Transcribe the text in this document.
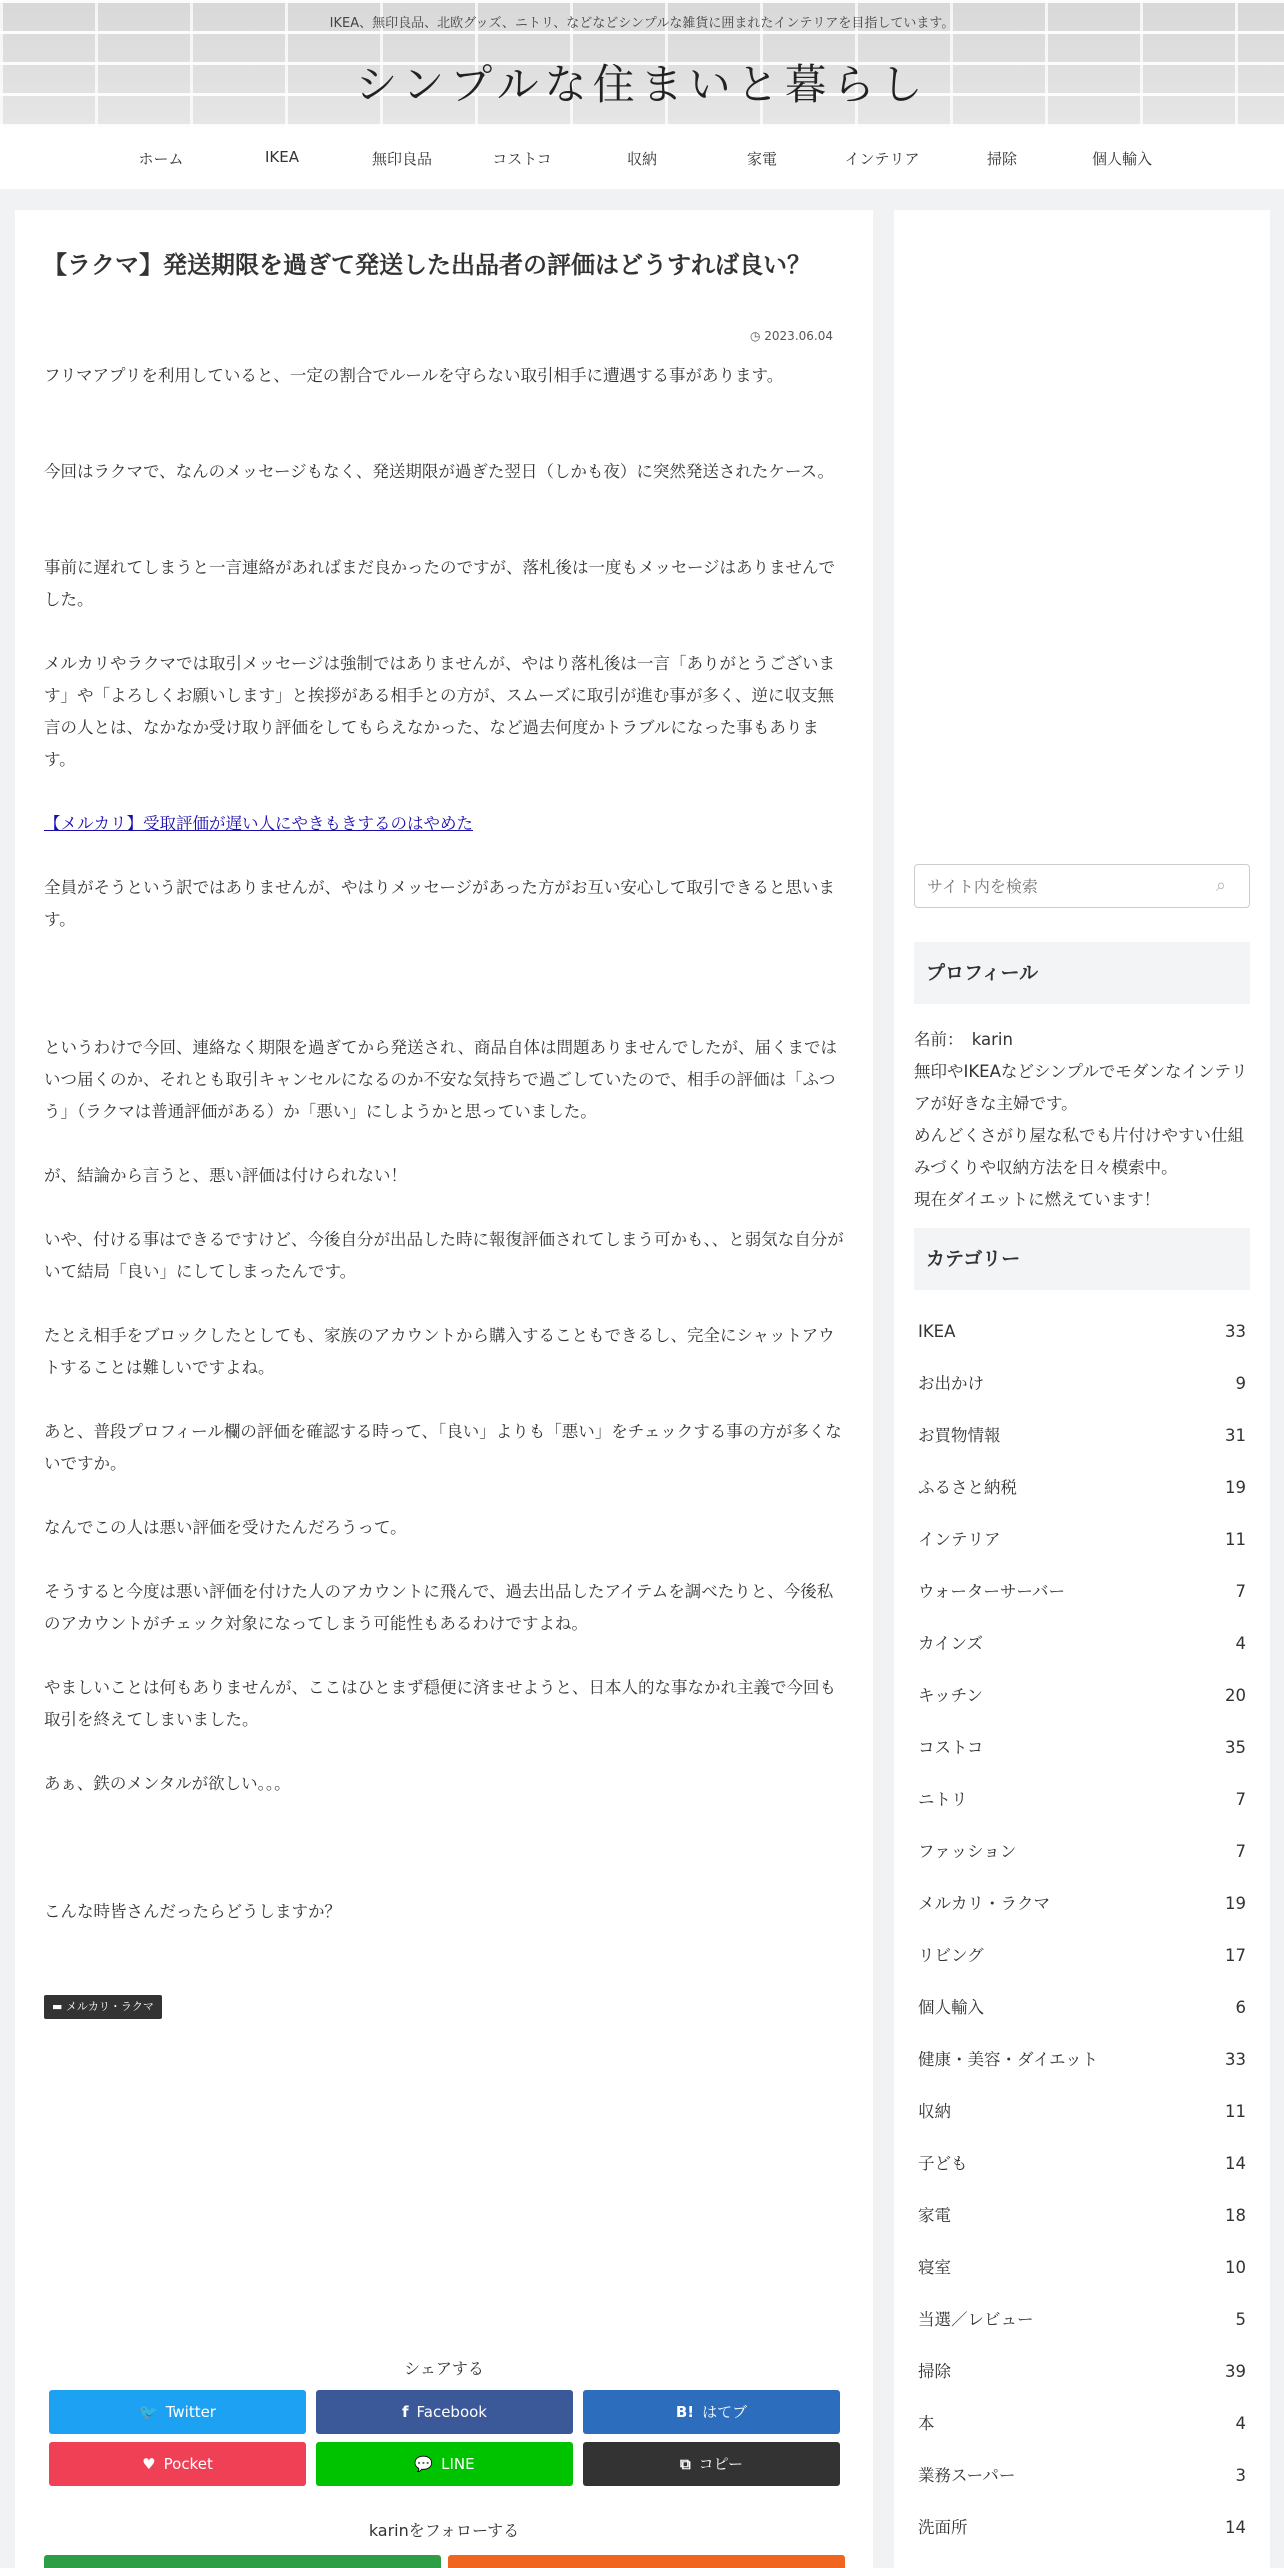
IKEA、無印良品、北欧グッズ、ニトリ、などなどシンプルな雑貨に囲まれたインテリアを目指しています。
シンプルな住まいと暮らし
ホーム	IKEA	無印良品	コストコ	収納	家電	インテリア	掃除	個人輸入
【ラクマ】発送期限を過ぎて発送した出品者の評価はどうすれば良い？
◷ 2023.06.04

フリマアプリを利用していると、一定の割合でルールを守らない取引相手に遭遇する事があります。

今回はラクマで、なんのメッセージもなく、発送期限が過ぎた翌日（しかも夜）に突然発送されたケース。

事前に遅れてしまうと一言連絡があればまだ良かったのですが、落札後は一度もメッセージはありませんでした。

メルカリやラクマでは取引メッセージは強制ではありませんが、やはり落札後は一言「ありがとうございます」や「よろしくお願いします」と挨拶がある相手との方が、スムーズに取引が進む事が多く、逆に収支無言の人とは、なかなか受け取り評価をしてもらえなかった、など過去何度かトラブルになった事もあります。

【メルカリ】受取評価が遅い人にやきもきするのはやめた

全員がそうという訳ではありませんが、やはりメッセージがあった方がお互い安心して取引できると思います。

というわけで今回、連絡なく期限を過ぎてから発送され、商品自体は問題ありませんでしたが、届くまではいつ届くのか、それとも取引キャンセルになるのか不安な気持ちで過ごしていたので、相手の評価は「ふつう」（ラクマは普通評価がある）か「悪い」にしようかと思っていました。

が、結論から言うと、悪い評価は付けられない！

いや、付ける事はできるですけど、今後自分が出品した時に報復評価されてしまう可かも、、と弱気な自分がいて結局「良い」にしてしまったんです。

たとえ相手をブロックしたとしても、家族のアカウントから購入することもできるし、完全にシャットアウトすることは難しいですよね。

あと、普段プロフィール欄の評価を確認する時って、「良い」よりも「悪い」をチェックする事の方が多くないですか。

なんでこの人は悪い評価を受けたんだろうって。

そうすると今度は悪い評価を付けた人のアカウントに飛んで、過去出品したアイテムを調べたりと、今後私のアカウントがチェック対象になってしまう可能性もあるわけですよね。

やましいことは何もありませんが、ここはひとまず穏便に済ませようと、日本人的な事なかれ主義で今回も取引を終えてしまいました。

あぁ、鉄のメンタルが欲しい。。。

こんな時皆さんだったらどうしますか？

▬ メルカリ・ラクマ
シェアする
🐦 Twitter	f Facebook	B! はてブ
♥ Pocket	💬 LINE	⧉ コピー
karinをフォローする
サイト内を検索
⌕
プロフィール
名前：　karin
無印やIKEAなどシンプルでモダンなインテリアが好きな主婦です。
めんどくさがり屋な私でも片付けやすい仕組みづくりや収納方法を日々模索中。
現在ダイエットに燃えています！
カテゴリー
IKEA	33
お出かけ	9
お買物情報	31
ふるさと納税	19
インテリア	11
ウォーターサーバー	7
カインズ	4
キッチン	20
コストコ	35
ニトリ	7
ファッション	7
メルカリ・ラクマ	19
リビング	17
個人輸入	6
健康・美容・ダイエット	33
収納	11
子ども	14
家電	18
寝室	10
当選／レビュー	5
掃除	39
本	4
業務スーパー	3
洗面所	14
